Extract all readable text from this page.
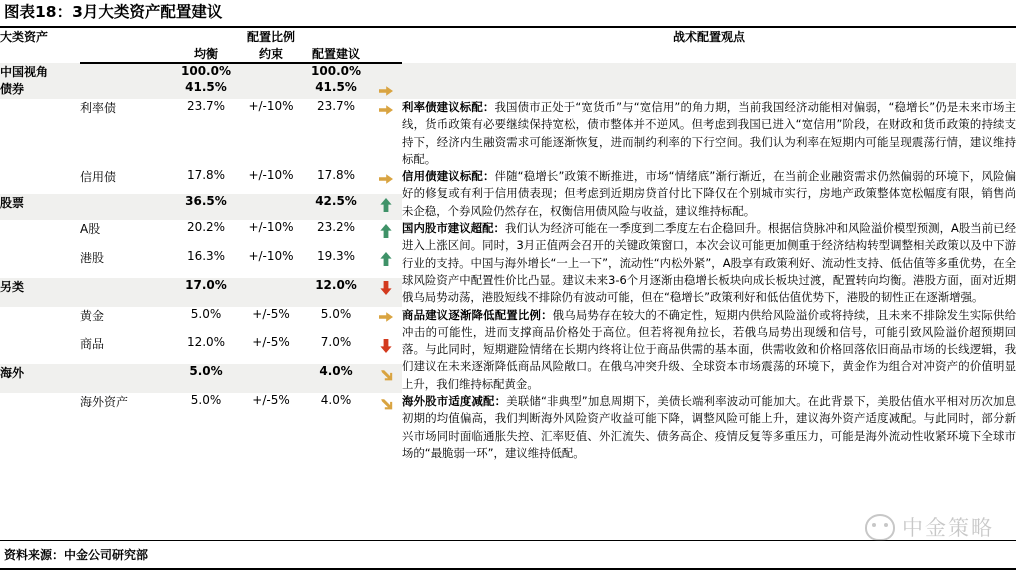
图表18：3月大类资产配置建议
大类资产		配置比例				战术配置观点
		均衡	约束	配置建议		
中国视角		100.0%		100.0%		
债券		41.5%		41.5%	

	利率债	23.7%	+/-10%	23.7%		利率债建议标配：我国债市正处于“宽货币”与“宽信用”的角力期，当前我国经济动能相对偏弱，“稳增长”仍是未来市场主线，货币政策有必要继续保持宽松，债市整体并不逆风。但考虑到我国已进入“宽信用”阶段，在财政和货币政策的持续支持下，经济内生融资需求可能逐渐恢复，进而制约利率的下行空间。我们认为利率在短期内可能呈现震荡行情，建议维持标配。
	信用债	17.8%	+/-10%	17.8%		信用债建议标配：伴随“稳增长”政策不断推进，市场“情绪底”渐行渐近，在当前企业融资需求仍然偏弱的环境下，风险偏好的修复或有利于信用债表现；但考虑到近期房贷首付比下降仅在个别城市实行，房地产政策整体宽松幅度有限，销售尚未企稳，个券风险仍然存在，权衡信用债风险与收益，建议维持标配。
股票		36.5%		42.5%	

	A股	20.2%	+/-10%	23.2%		国内股市建议超配：我们认为经济可能在一季度到二季度左右企稳回升。根据信贷脉冲和风险溢价模型预测，A股当前已经进入上涨区间。同时，3月正值两会召开的关键政策窗口，本次会议可能更加侧重于经济结构转型调整相关政策以及中下游行业的支持。中国与海外增长“一上一下”，流动性“内松外紧”，A股享有政策利好、流动性支持、低估值等多重优势，在全球风险资产中配置性价比凸显。建议未来3-6个月逐渐由稳增长板块向成长板块过渡，配置转向均衡。港股方面，面对近期俄乌局势动荡，港股短线不排除仍有波动可能，但在“稳增长”政策利好和低估值优势下，港股的韧性正在逐渐增强。
	港股	16.3%	+/-10%	19.3%	

另类		17.0%		12.0%	

	黄金	5.0%	+/-5%	5.0%		商品建议逐渐降低配置比例：俄乌局势存在较大的不确定性，短期内供给风险溢价或将持续，且未来不排除发生实际供给冲击的可能性，进而支撑商品价格处于高位。但若将视角拉长，若俄乌局势出现缓和信号，可能引致风险溢价超预期回落。与此同时，短期避险情绪在长期内终将让位于商品供需的基本面，供需收敛和价格回落依旧商品市场的长线逻辑，我们建议在未来逐渐降低商品风险敞口。在俄乌冲突升级、全球资本市场震荡的环境下，黄金作为组合对冲资产的价值明显上升，我们维持标配黄金。
	商品	12.0%	+/-5%	7.0%	

海外		5.0%		4.0%	

	海外资产	5.0%	+/-5%	4.0%		海外股市适度减配：美联储“非典型”加息周期下，美债长端利率波动可能加大。在此背景下，美股估值水平相对历次加息初期的均值偏高，我们判断海外风险资产收益可能下降，调整风险可能上升，建议海外资产适度减配。与此同时，部分新兴市场同时面临通胀失控、汇率贬值、外汇流失、债务高企、疫情反复等多重压力，可能是海外流动性收紧环境下全球市场的“最脆弱一环”，建议维持低配。
资料来源：中金公司研究部
中金策略
